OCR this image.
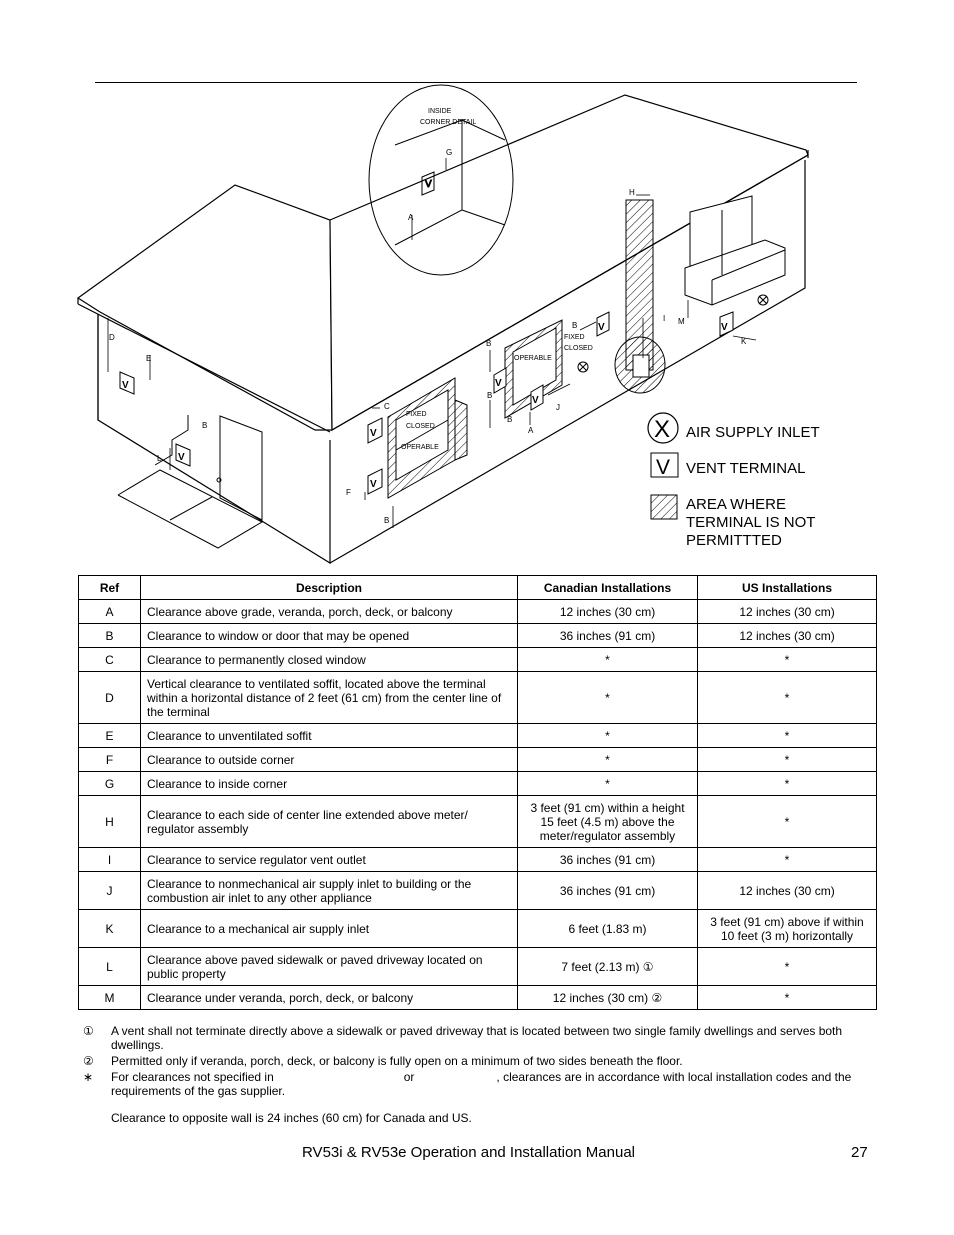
FIXED
CLOSED
OPERABLE
FIXED
CLOSED
OPERABLE
V
INSIDE
CORNER DETAIL
V
V
V
V
V
V
V	V
D
E
B
L
C
F
B
B
B
B
A
J
B
H
I M
K
A
G
X
V
AIR SUPPLY INLET
VENT TERMINAL
AREA WHERE
TERMINAL IS NOT
PERMITTTED
Ref	Description	Canadian Installations	US Installations
A	Clearance above grade, veranda, porch, deck, or balcony	12 inches (30 cm)	12 inches (30 cm)
B	Clearance to window or door that may be opened	36 inches (91 cm)	12 inches (30 cm)
C	Clearance to permanently closed window	*	*
D	Vertical clearance to ventilated soffit, located above the terminal within a horizontal distance of 2 feet (61 cm) from the center line of the terminal	*	*
E	Clearance to unventilated soffit	*	*
F	Clearance to outside corner	*	*
G	Clearance to inside corner	*	*
H	Clearance to each side of center line extended above meter/ regulator assembly	3 feet (91 cm) within a height 15 feet (4.5 m) above the meter/regulator assembly	*
I	Clearance to service regulator vent outlet	36 inches (91 cm)	*
J	Clearance to nonmechanical air supply inlet to building or the combustion air inlet to any other appliance	36 inches (91 cm)	12 inches (30 cm)
K	Clearance to a mechanical air supply inlet	6 feet (1.83 m)	3 feet (91 cm) above if within 10 feet (3 m) horizontally
L	Clearance above paved sidewalk or paved driveway located on public property	7 feet (2.13 m) ①	*
M	Clearance under veranda, porch, deck, or balcony	12 inches (30 cm) ②	*
① A vent shall not terminate directly above a sidewalk or paved driveway that is located between two single family dwellings and serves both dwellings.
② Permitted only if veranda, porch, deck, or balcony is fully open on a minimum of two sides beneath the floor.
∗ For clearances not specified in	or	, clearances are in accordance with local installation codes and the requirements of the gas supplier.
Clearance to opposite wall is 24 inches (60 cm) for Canada and US.
RV53i & RV53e Operation and Installation Manual	27
